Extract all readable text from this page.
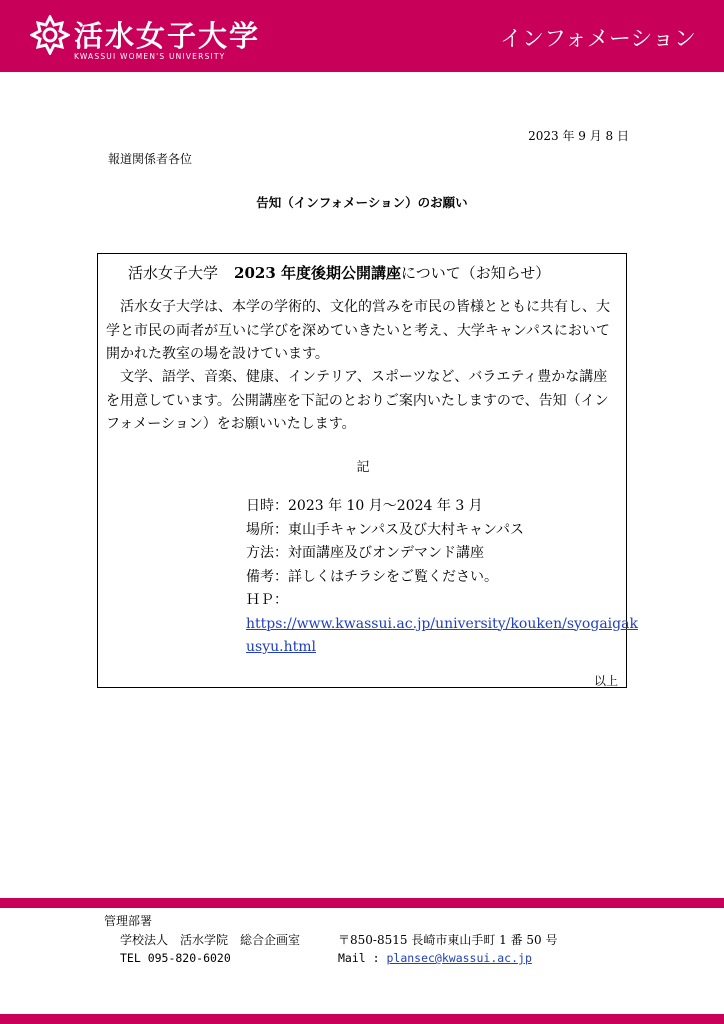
活水女子大学
KWASSUI WOMEN'S UNIVERSITY
インフォメーション
2023 年 9 月 8 日
報道関係者各位
告知（インフォメーション）のお願い
活水女子大学 2023 年度後期公開講座について（お知らせ）
　活水女子大学は、本学の学術的、文化的営みを市民の皆様とともに共有し、大学と市民の両者が互いに学びを深めていきたいと考え、大学キャンパスにおいて開かれた教室の場を設けています。
　文学、語学、音楽、健康、インテリア、スポーツなど、バラエティ豊かな講座を用意しています。公開講座を下記のとおりご案内いたしますので、告知（インフォメーション）をお願いいたします。
記
日時：2023 年 10 月～2024 年 3 月
場所：東山手キャンパス及び大村キャンパス
方法：対面講座及びオンデマンド講座
備考：詳しくはチラシをご覧ください。
ＨＰ：
https://www.kwassui.ac.jp/university/kouken/syogaigak
usyu.html
以上
管理部署
学校法人　活水学院　総合企画室	〒850-8515 長崎市東山手町 1 番 50 号
TEL 095-820-6020	Mail : plansec@kwassui.ac.jp
